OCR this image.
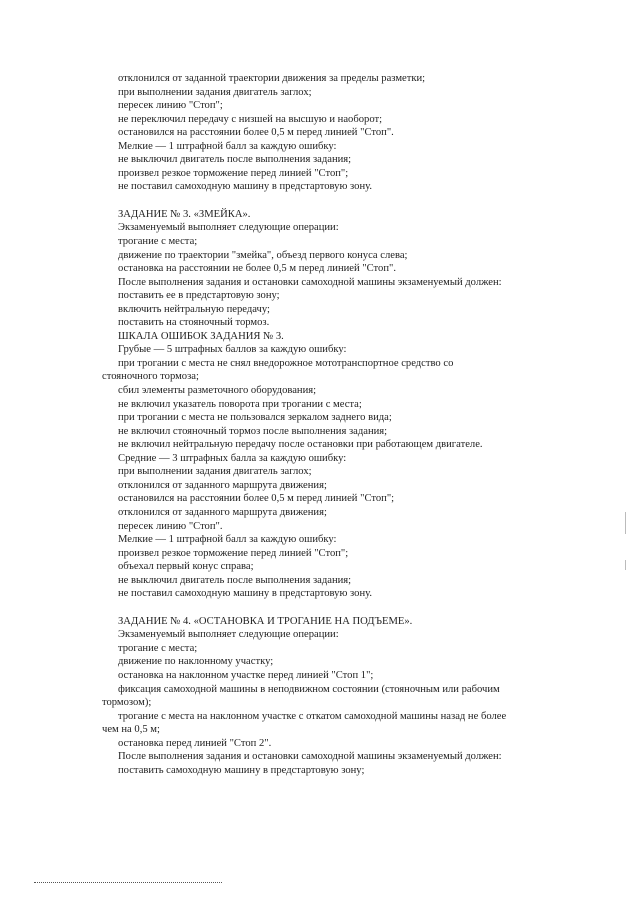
отклонился от заданной траектории движения за пределы разметки;
при выполнении задания двигатель заглох;
пересек линию "Стоп";
не переключил передачу с низшей на высшую и наоборот;
остановился на расстоянии более 0,5 м перед линией "Стоп".
Мелкие — 1 штрафной балл за каждую ошибку:
не выключил двигатель после выполнения задания;
произвел резкое торможение перед линией "Стоп";
не поставил самоходную машину в предстартовую зону.
ЗАДАНИЕ № 3. «ЗМЕЙКА».
Экзаменуемый выполняет следующие операции:
трогание с места;
движение по траектории "змейка", объезд первого конуса слева;
остановка на расстоянии не более 0,5 м перед линией "Стоп".
После выполнения задания и остановки самоходной машины экзаменуемый должен:
поставить ее в предстартовую зону;
включить нейтральную передачу;
поставить на стояночный тормоз.
ШКАЛА ОШИБОК ЗАДАНИЯ № 3.
Грубые — 5 штрафных баллов за каждую ошибку:
при трогании с места не снял внедорожное мототранспортное средство со
стояночного тормоза;
сбил элементы разметочного оборудования;
не включил указатель поворота при трогании с места;
при трогании с места не пользовался зеркалом заднего вида;
не включил стояночный тормоз после выполнения задания;
не включил нейтральную передачу после остановки при работающем двигателе.
Средние — 3 штрафных балла за каждую ошибку:
при выполнении задания двигатель заглох;
отклонился от заданного маршрута движения;
остановился на расстоянии более 0,5 м перед линией "Стоп";
отклонился от заданного маршрута движения;
пересек линию "Стоп".
Мелкие — 1 штрафной балл за каждую ошибку:
произвел резкое торможение перед линией "Стоп";
объехал первый конус справа;
не выключил двигатель после выполнения задания;
не поставил самоходную машину в предстартовую зону.
ЗАДАНИЕ № 4. «ОСТАНОВКА И ТРОГАНИЕ НА ПОДЪЕМЕ».
Экзаменуемый выполняет следующие операции:
трогание с места;
движение по наклонному участку;
остановка на наклонном участке перед линией "Стоп 1";
фиксация самоходной машины в неподвижном состоянии (стояночным или рабочим
тормозом);
трогание с места на наклонном участке с откатом самоходной машины назад не более
чем на 0,5 м;
остановка перед линией "Стоп 2".
После выполнения задания и остановки самоходной машины экзаменуемый должен:
поставить самоходную машину в предстартовую зону;
